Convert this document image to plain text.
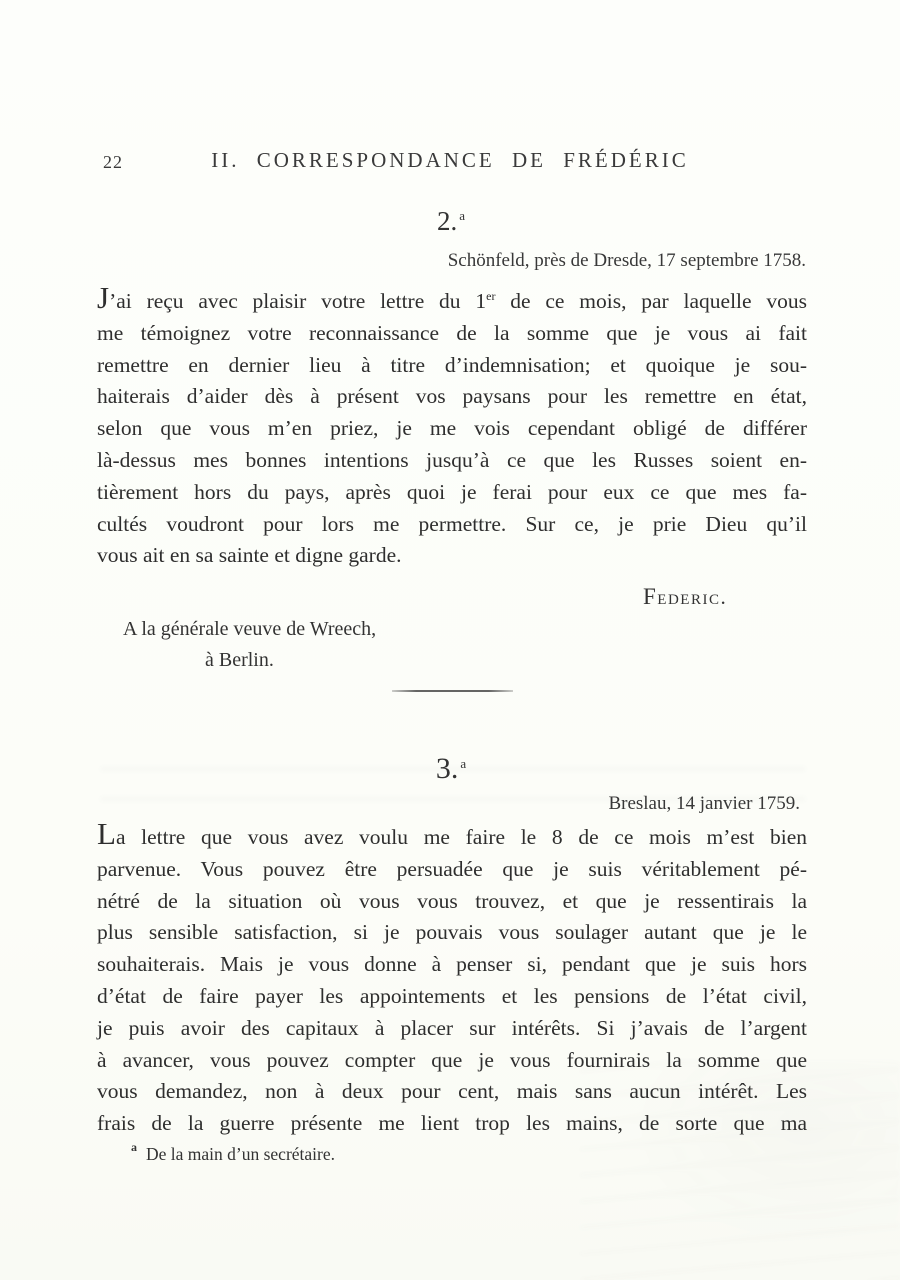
22	II. CORRESPONDANCE DE FRÉDÉRIC
2. $^a$
Schönfeld, près de Dresde, 17 septembre 1758.
J’ai reçu avec plaisir votre lettre du 1er de ce mois, par laquelle vous
me témoignez votre reconnaissance de la somme que je vous ai fait
remettre en dernier lieu à titre d’indemnisation; et quoique je sou-
haiterais d’aider dès à présent vos paysans pour les remettre en état,
selon que vous m’en priez, je me vois cependant obligé de différer
là-dessus mes bonnes intentions jusqu’à ce que les Russes soient en-
tièrement hors du pays, après quoi je ferai pour eux ce que mes fa-
cultés voudront pour lors me permettre. Sur ce, je prie Dieu qu’il
vous ait en sa sainte et digne garde.
Federic.
A la générale veuve de Wreech,
à Berlin.
3. $^a$
Breslau, 14 janvier 1759.
La lettre que vous avez voulu me faire le 8 de ce mois m’est bien
parvenue. Vous pouvez être persuadée que je suis véritablement pé-
nétré de la situation où vous vous trouvez, et que je ressentirais la
plus sensible satisfaction, si je pouvais vous soulager autant que je le
souhaiterais. Mais je vous donne à penser si, pendant que je suis hors
d’état de faire payer les appointements et les pensions de l’état civil,
je puis avoir des capitaux à placer sur intérêts. Si j’avais de l’argent
à avancer, vous pouvez compter que je vous fournirais la somme que
vous demandez, non à deux pour cent, mais sans aucun intérêt. Les
frais de la guerre présente me lient trop les mains, de sorte que ma
$^a$ De la main d’un secrétaire.
